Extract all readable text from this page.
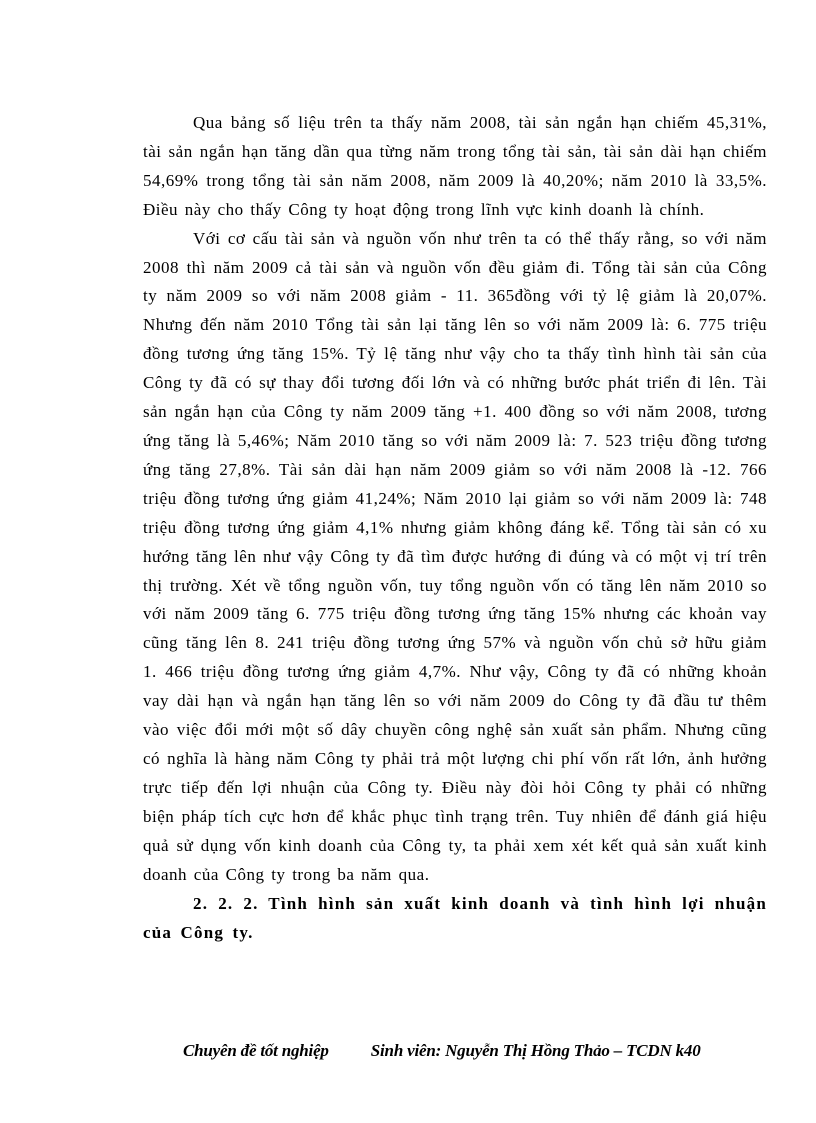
Qua bảng số liệu trên ta thấy năm 2008, tài sản ngắn hạn chiếm 45,31%, tài sản ngắn hạn tăng dần qua từng năm trong tổng tài sản, tài sản dài hạn chiếm 54,69% trong tổng tài sản năm 2008, năm 2009 là 40,20%; năm 2010 là 33,5%. Điều này cho thấy Công ty hoạt động trong lĩnh vực kinh doanh là chính.

Với cơ cấu tài sản và nguồn vốn như trên ta có thể thấy rằng, so với năm 2008 thì năm 2009 cả tài sản và nguồn vốn đều giảm đi. Tổng tài sản của Công ty năm 2009 so với năm 2008 giảm - 11. 365đồng với tỷ lệ giảm là 20,07%. Nhưng đến năm 2010 Tổng tài sản lại tăng lên so với năm 2009 là: 6. 775 triệu đồng tương ứng tăng 15%. Tỷ lệ tăng như vậy cho ta thấy tình hình tài sản của Công ty đã có sự thay đổi tương đối lớn và có những bước phát triển đi lên. Tài sản ngắn hạn của Công ty năm 2009 tăng +1. 400 đồng so với năm 2008, tương ứng tăng là 5,46%; Năm 2010 tăng so với năm 2009 là: 7. 523 triệu đồng tương ứng tăng 27,8%. Tài sản dài hạn năm 2009 giảm so với năm 2008 là -12. 766 triệu đồng tương ứng giảm 41,24%; Năm 2010 lại giảm so với năm 2009 là: 748 triệu đồng tương ứng giảm 4,1% nhưng giảm không đáng kể. Tổng tài sản có xu hướng tăng lên như vậy Công ty đã tìm được hướng đi đúng và có một vị trí trên thị trường. Xét về tổng nguồn vốn, tuy tổng nguồn vốn có tăng lên năm 2010 so với năm 2009 tăng 6. 775 triệu đồng tương ứng tăng 15% nhưng các khoản vay cũng tăng lên 8. 241 triệu đồng tương ứng 57% và nguồn vốn chủ sở hữu giảm 1. 466 triệu đồng tương ứng giảm 4,7%. Như vậy, Công ty đã có những khoản vay dài hạn và ngắn hạn tăng lên so với năm 2009 do Công ty đã đầu tư thêm vào việc đổi mới một số dây chuyền công nghệ sản xuất sản phẩm. Nhưng cũng có nghĩa là hàng năm Công ty phải trả một lượng chi phí vốn rất lớn, ảnh hưởng trực tiếp đến lợi nhuận của Công ty. Điều này đòi hỏi Công ty phải có những biện pháp tích cực hơn để khắc phục tình trạng trên. Tuy nhiên để đánh giá hiệu quả sử dụng vốn kinh doanh của Công ty, ta phải xem xét kết quả sản xuất kinh doanh của Công ty trong ba năm qua.

2. 2. 2. Tình hình sản xuất kinh doanh và tình hình lợi nhuận của Công ty.

Chuyên đề tốt nghiệp Sinh viên: Nguyễn Thị Hồng Thảo – TCDN k40
